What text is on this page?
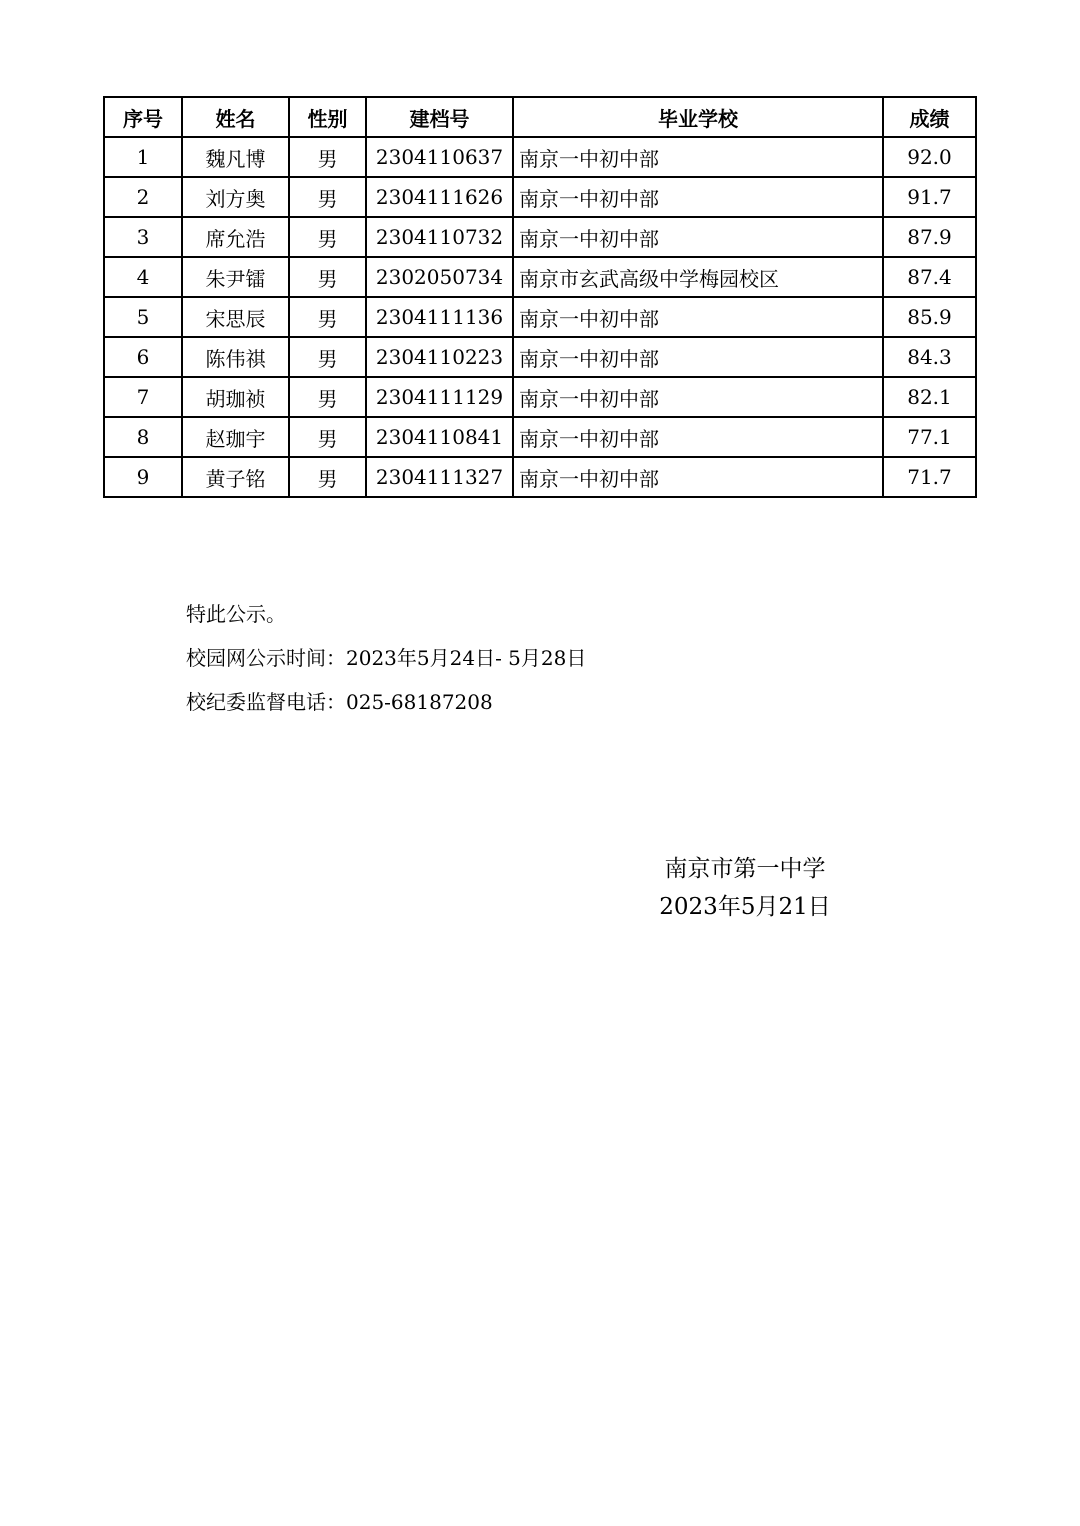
序号	姓名	性别	建档号	毕业学校	成绩
1	魏凡博	男	2304110637	南京一中初中部	92.0
2	刘方奥	男	2304111626	南京一中初中部	91.7
3	席允浩	男	2304110732	南京一中初中部	87.9
4	朱尹镭	男	2302050734	南京市玄武高级中学梅园校区	87.4
5	宋思辰	男	2304111136	南京一中初中部	85.9
6	陈伟祺	男	2304110223	南京一中初中部	84.3
7	胡珈祯	男	2304111129	南京一中初中部	82.1
8	赵珈宇	男	2304110841	南京一中初中部	77.1
9	黄子铭	男	2304111327	南京一中初中部	71.7

特此公示。

校园网公示时间：2023年5月24日- 5月28日

校纪委监督电话：025-68187208

南京市第一中学
2023年5月21日
